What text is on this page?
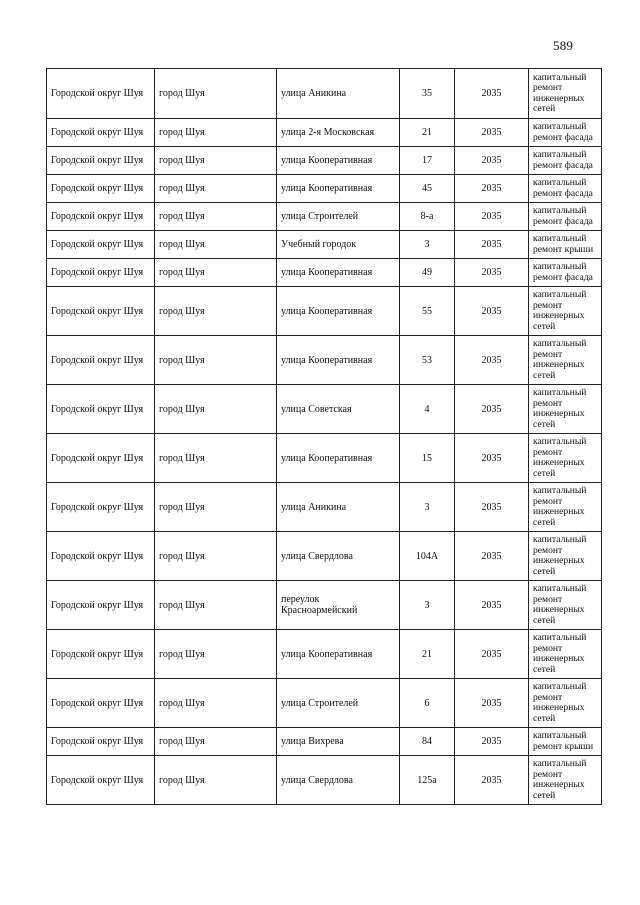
589
Городской округ Шуя	город Шуя	улица Аникина	35	2035	капитальный ремонт инженерных сетей
Городской округ Шуя	город Шуя	улица 2-я Московская	21	2035	капитальный ремонт фасада
Городской округ Шуя	город Шуя	улица Кооперативная	17	2035	капитальный ремонт фасада
Городской округ Шуя	город Шуя	улица Кооперативная	45	2035	капитальный ремонт фасада
Городской округ Шуя	город Шуя	улица Строителей	8-а	2035	капитальный ремонт фасада
Городской округ Шуя	город Шуя	Учебный городок	3	2035	капитальный ремонт крыши
Городской округ Шуя	город Шуя	улица Кооперативная	49	2035	капитальный ремонт фасада
Городской округ Шуя	город Шуя	улица Кооперативная	55	2035	капитальный ремонт инженерных сетей
Городской округ Шуя	город Шуя	улица Кооперативная	53	2035	капитальный ремонт инженерных сетей
Городской округ Шуя	город Шуя	улица Советская	4	2035	капитальный ремонт инженерных сетей
Городской округ Шуя	город Шуя	улица Кооперативная	15	2035	капитальный ремонт инженерных сетей
Городской округ Шуя	город Шуя	улица Аникина	3	2035	капитальный ремонт инженерных сетей
Городской округ Шуя	город Шуя	улица Свердлова	104А	2035	капитальный ремонт инженерных сетей
Городской округ Шуя	город Шуя	переулок Красноармейский	3	2035	капитальный ремонт инженерных сетей
Городской округ Шуя	город Шуя	улица Кооперативная	21	2035	капитальный ремонт инженерных сетей
Городской округ Шуя	город Шуя	улица Строителей	6	2035	капитальный ремонт инженерных сетей
Городской округ Шуя	город Шуя	улица Вихрева	84	2035	капитальный ремонт крыши
Городской округ Шуя	город Шуя	улица Свердлова	125а	2035	капитальный ремонт инженерных сетей
